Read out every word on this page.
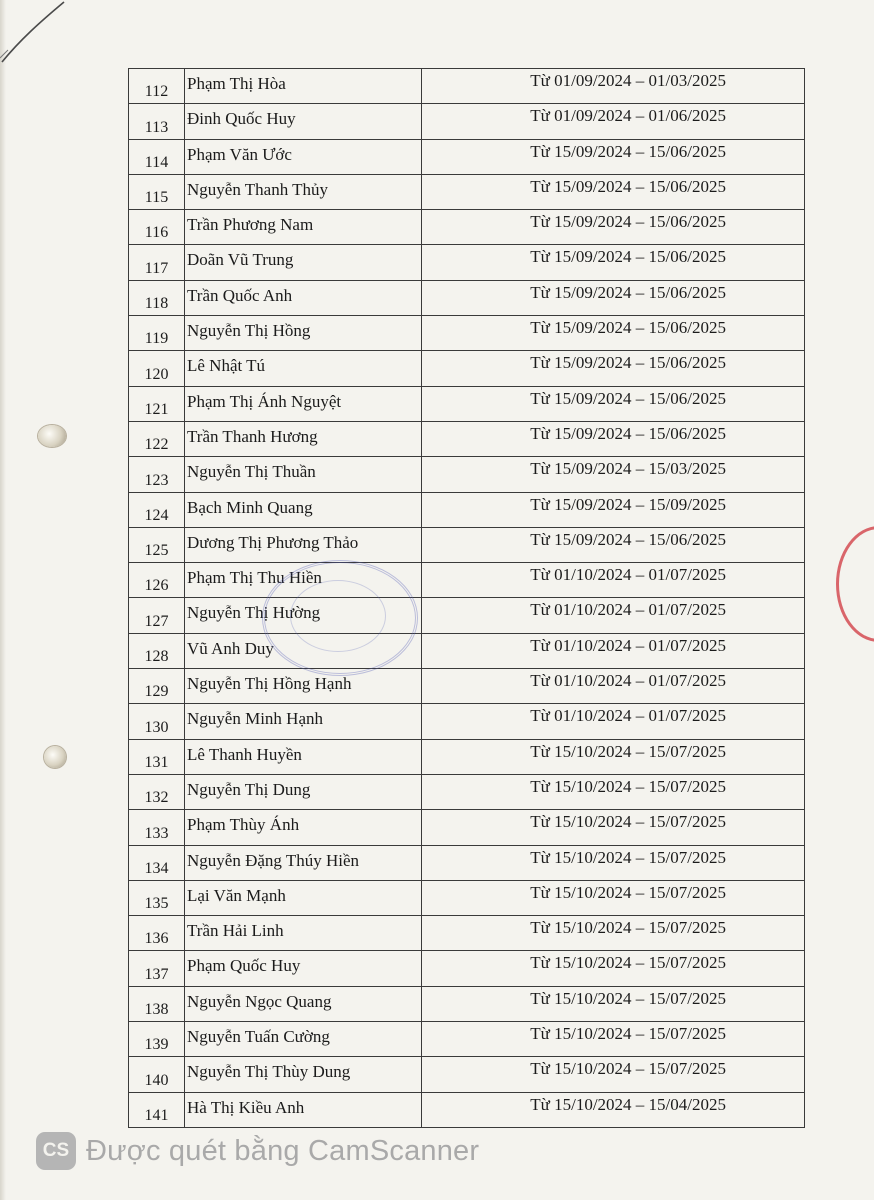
112	Phạm Thị Hòa	Từ 01/09/2024 – 01/03/2025
113	Đinh Quốc Huy	Từ 01/09/2024 – 01/06/2025
114	Phạm Văn Ước	Từ 15/09/2024 – 15/06/2025
115	Nguyễn Thanh Thủy	Từ 15/09/2024 – 15/06/2025
116	Trần Phương Nam	Từ 15/09/2024 – 15/06/2025
117	Doãn Vũ Trung	Từ 15/09/2024 – 15/06/2025
118	Trần Quốc Anh	Từ 15/09/2024 – 15/06/2025
119	Nguyễn Thị Hồng	Từ 15/09/2024 – 15/06/2025
120	Lê Nhật Tú	Từ 15/09/2024 – 15/06/2025
121	Phạm Thị Ánh Nguyệt	Từ 15/09/2024 – 15/06/2025
122	Trần Thanh Hương	Từ 15/09/2024 – 15/06/2025
123	Nguyễn Thị Thuần	Từ 15/09/2024 – 15/03/2025
124	Bạch Minh Quang	Từ 15/09/2024 – 15/09/2025
125	Dương Thị Phương Thảo	Từ 15/09/2024 – 15/06/2025
126	Phạm Thị Thu Hiền	Từ 01/10/2024 – 01/07/2025
127	Nguyễn Thị Hường	Từ 01/10/2024 – 01/07/2025
128	Vũ Anh Duy	Từ 01/10/2024 – 01/07/2025
129	Nguyễn Thị Hồng Hạnh	Từ 01/10/2024 – 01/07/2025
130	Nguyễn Minh Hạnh	Từ 01/10/2024 – 01/07/2025
131	Lê Thanh Huyền	Từ 15/10/2024 – 15/07/2025
132	Nguyễn Thị Dung	Từ 15/10/2024 – 15/07/2025
133	Phạm Thùy Ánh	Từ 15/10/2024 – 15/07/2025
134	Nguyễn Đặng Thúy Hiền	Từ 15/10/2024 – 15/07/2025
135	Lại Văn Mạnh	Từ 15/10/2024 – 15/07/2025
136	Trần Hải Linh	Từ 15/10/2024 – 15/07/2025
137	Phạm Quốc Huy	Từ 15/10/2024 – 15/07/2025
138	Nguyễn Ngọc Quang	Từ 15/10/2024 – 15/07/2025
139	Nguyễn Tuấn Cường	Từ 15/10/2024 – 15/07/2025
140	Nguyễn Thị Thùy Dung	Từ 15/10/2024 – 15/07/2025
141	Hà Thị Kiều Anh	Từ 15/10/2024 – 15/04/2025
CS Được quét bằng CamScanner
